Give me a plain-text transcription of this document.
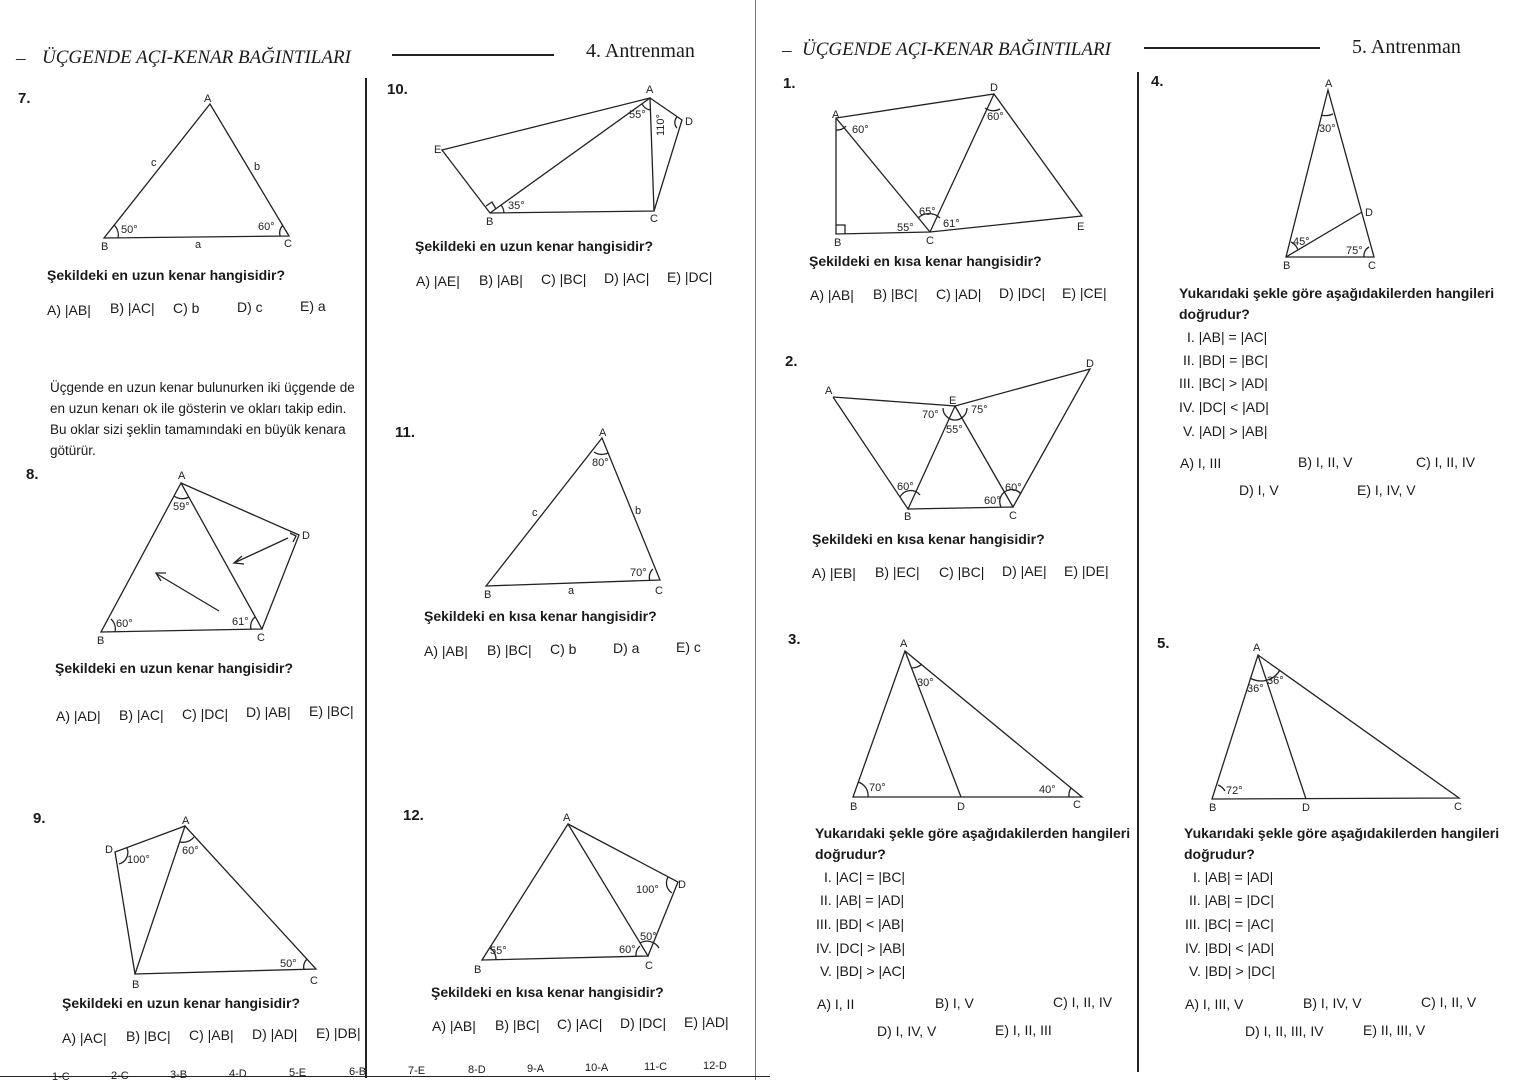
– ÜÇGENDE AÇI-KENAR BAĞINTILARI	4. Antrenman
7.	A
B	C
c	b
a
50°	60°
Şekildeki en uzun kenar hangisidir?
A) |AB| B) |AC| C) b	D) c	E) a
Üçgende en uzun kenar bulunurken iki üçgende de en uzun kenarı ok ile gösterin ve okları takip edin. Bu oklar sizi şeklin tamamındaki en büyük kenara götürür.
8.	A
B	C
D
59°
60°	61°
Şekildeki en uzun kenar hangisidir?
A) |AD| B) |AC| C) |DC| D) |AB| E) |BC|
9.	A
B	C
D
100°
60°
50°
Şekildeki en uzun kenar hangisidir?
A) |AC| B) |BC| C) |AB| D) |AD| E) |DB|
10.	A
B	C
D
E
55° 110°
35°
Şekildeki en uzun kenar hangisidir?
A) |AE| B) |AB| C) |BC| D) |AC| E) |DC|
11.	A
B	C
c	b
a
80°
70°
Şekildeki en kısa kenar hangisidir?
A) |AB| B) |BC| C) b	D) a	E) c
12.	A
B	C
D
55°
100°
50°
60°
Şekildeki en kısa kenar hangisidir?
A) |AB| B) |BC| C) |AC| D) |DC| E) |AD|
1-C	2-C	3-B	4-D	5-E	6-B	7-E	8-D	9-A	10-A	11-C	12-D
– ÜÇGENDE AÇI-KENAR BAĞINTILARI	5. Antrenman
1.
A
B	C
D
E
60°
60°
65°
55°	61°
Şekildeki en kısa kenar hangisidir?
A) |AB| B) |BC| C) |AD| D) |DC| E) |CE|
2.
A
B	C
D
E
70°	75°
55°
60°	60°
60°
Şekildeki en kısa kenar hangisidir?
A) |EB| B) |EC| C) |BC| D) |AE| E) |DE|
3.	A
B	C
D
30°
70°	40°
Yukarıdaki şekle göre aşağıdakilerden hangileri
doğrudur?
I. |AC| = |BC|
II. |AB| = |AD|
III. |BD| < |AB|
IV. |DC| > |AB|
V. |BD| > |AC|
A) I, II	B) I, V	C) I, II, IV
D) I, IV, V	E) I, II, III
4.	A
B	C
D
30°
45°
75°
Yukarıdaki şekle göre aşağıdakilerden hangileri
doğrudur?
I. |AB| = |AC|
II. |BD| = |BC|
III. |BC| > |AD|
IV. |DC| < |AD|
V. |AD| > |AB|
A) I, III	B) I, II, V	C) I, II, IV
D) I, V	E) I, IV, V
5.	A
B	C
D
36°
36°
72°
Yukarıdaki şekle göre aşağıdakilerden hangileri
doğrudur?
I. |AB| = |AD|
II. |AB| = |DC|
III. |BC| = |AC|
IV. |BD| < |AD|
V. |BD| > |DC|
A) I, III, V	B) I, IV, V	C) I, II, V
D) I, II, III, IV	E) II, III, V
